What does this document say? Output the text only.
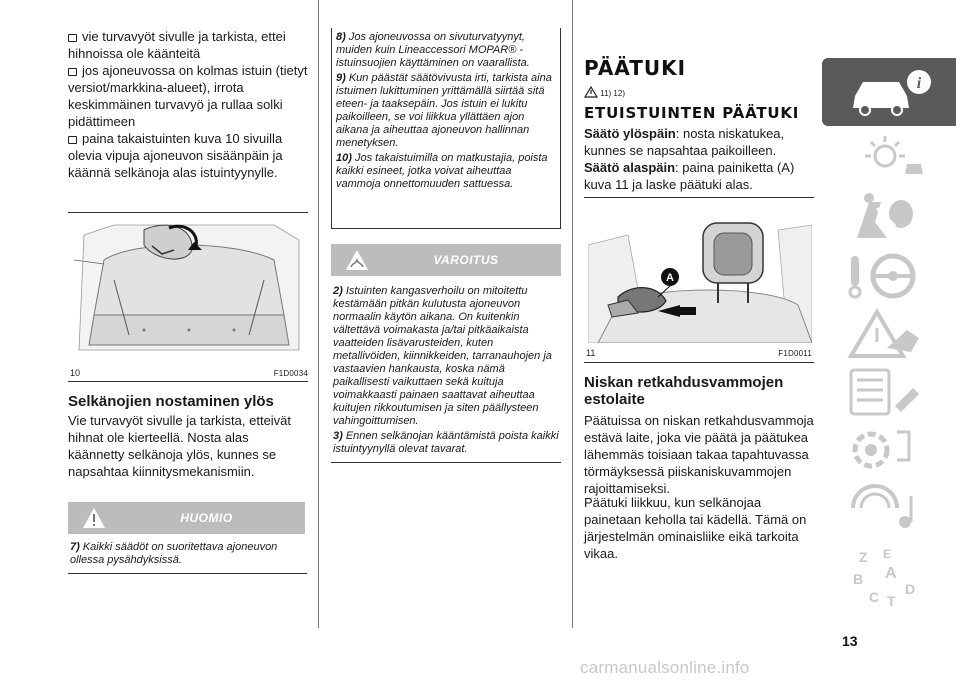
vie turvavyöt sivulle ja tarkista, ettei hihnoissa ole käänteitä
jos ajoneuvossa on kolmas istuin (tietyt versiot/markkina-alueet), irrota keskimmäinen turvavyö ja rullaa solki pidättimeen
paina takaistuinten kuva 10 sivuilla olevia vipuja ajoneuvon sisäänpäin ja käännä selkänoja alas istuintyynylle.
10	F1D0034
Selkänojien nostaminen ylös
Vie turvavyöt sivulle ja tarkista, etteivät hihnat ole kierteellä. Nosta alas käännetty selkänoja ylös, kunnes se napsahtaa kiinnitysmekanismiin.
HUOMIO

7) Kaikki säädöt on suoritettava ajoneuvon ollessa pysähdyksissä.

8) Jos ajoneuvossa on sivuturvatyynyt, muiden kuin Lineaccessori MOPAR® -istuinsuojien käyttäminen on vaarallista.

9) Kun päästät säätövivusta irti, tarkista aina istuimen lukittuminen yrittämällä siirtää sitä eteen- ja taaksepäin. Jos istuin ei lukitu paikoilleen, se voi liikkua yllättäen ajon aikana ja aiheuttaa ajoneuvon hallinnan menetyksen.

10) Jos takaistuimilla on matkustajia, poista kaikki esineet, jotka voivat aiheuttaa vammoja onnettomuuden sattuessa.

VAROITUS

2) Istuinten kangasverhoilu on mitoitettu kestämään pitkän kulutusta ajoneuvon normaalin käytön aikana. On kuitenkin vältettävä voimakasta ja/tai pitkäaikaista vaatteiden lisävarusteiden, kuten metallivöiden, kiinnikkeiden, tarranauhojen ja vastaavien hankausta, koska nämä paikallisesti vaikuttaen sekä kuituja voimakkaasti painaen saattavat aiheuttaa kuitujen rikkoutumisen ja siten päällysteen vahingoittumisen.

3) Ennen selkänojan kääntämistä poista kaikki istuintyynyllä olevat tavarat.

PÄÄTUKI
11) 12)
ETUISTUINTEN PÄÄTUKI
Säätö ylöspäin: nosta niskatukea, kunnes se napsahtaa paikoilleen.
Säätö alaspäin: paina painiketta (A) kuva 11 ja laske päätuki alas.
A
11	F1D0011
Niskan retkahdusvammojen estolaite
Päätuissa on niskan retkahdusvammoja estävä laite, joka vie päätä ja päätukea lähemmäs toisiaan takaa tapahtuvassa törmäyksessä piiskaniskuvammojen rajoittamiseksi.
Päätuki liikkuu, kun selkänojaa painetaan keholla tai kädellä. Tämä on järjestelmän ominaisliike eikä tarkoita vikaa.
i
Z
B A
C T
D
E
13
carmanualsonline.info
